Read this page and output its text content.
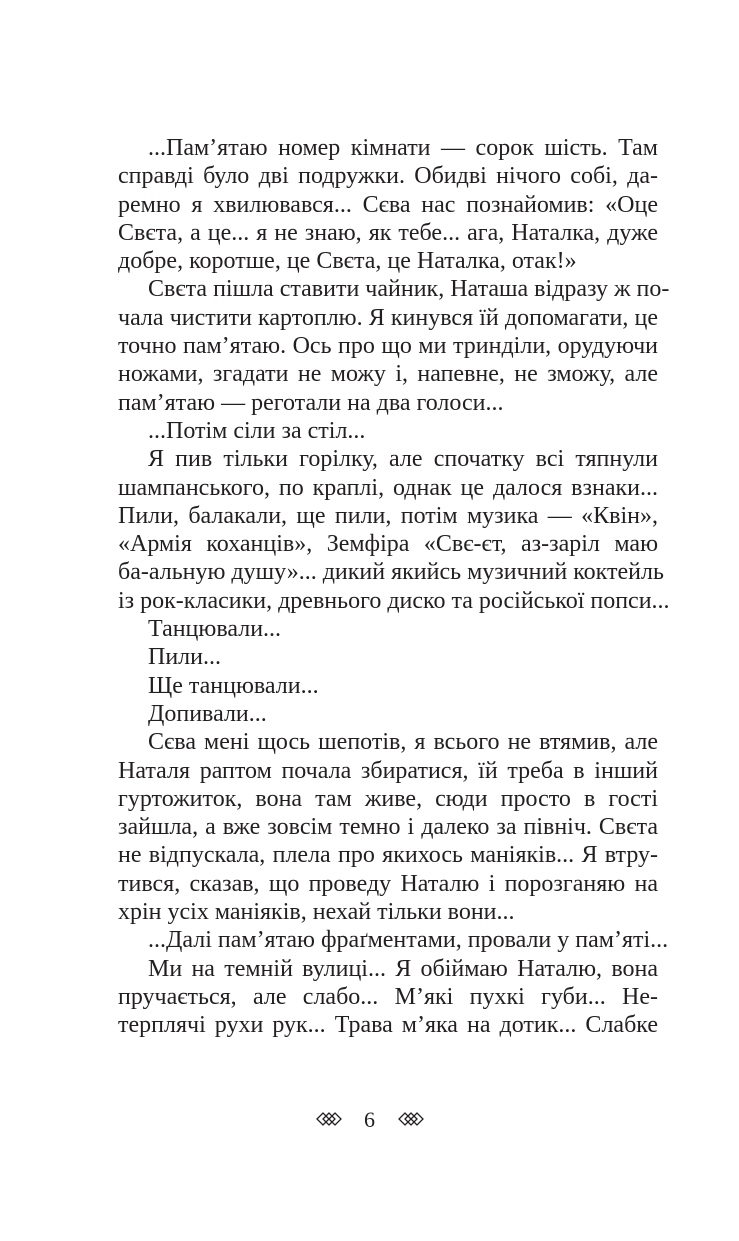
...Пам’ятаю номер кімнати — сорок шість. Там
справді було дві подружки. Обидві нічого собі, да-
ремно я хвилювався... Сєва нас познайомив: «Оце
Свєта, а це... я не знаю, як тебе... ага, Наталка, дуже
добре, коротше, це Свєта, це Наталка, отак!»
Свєта пішла ставити чайник, Наташа відразу ж по-
чала чистити картоплю. Я кинувся їй допомагати, це
точно пам’ятаю. Ось про що ми тринділи, орудуючи
ножами, згадати не можу і, напевне, не зможу, але
пам’ятаю — реготали на два голоси...
...Потім сіли за стіл...
Я пив тільки горілку, але спочатку всі тяпнули
шампанського, по краплі, однак це далося взнаки...
Пили, балакали, ще пили, потім музика — «Квін»,
«Армія коханців», Земфіра «Свє-єт, аз-заріл маю
ба-альную душу»... дикий якийсь музичний коктейль
із рок-класики, древнього диско та російської попси...
Танцювали...
Пили...
Ще танцювали...
Допивали...
Сєва мені щось шепотів, я всього не втямив, але
Наталя раптом почала збиратися, їй треба в інший
гуртожиток, вона там живе, сюди просто в гості
зайшла, а вже зовсім темно і далеко за північ. Свєта
не відпускала, плела про якихось маніяків... Я втру-
тився, сказав, що проведу Наталю і порозганяю на
хрін усіх маніяків, нехай тільки вони...
...Далі пам’ятаю фраґментами, провали у пам’яті...
Ми на темній вулиці... Я обіймаю Наталю, вона
пручається, але слабо... М’які пухкі губи... Не-
терплячі рухи рук... Трава м’яка на дотик... Слабке
6
